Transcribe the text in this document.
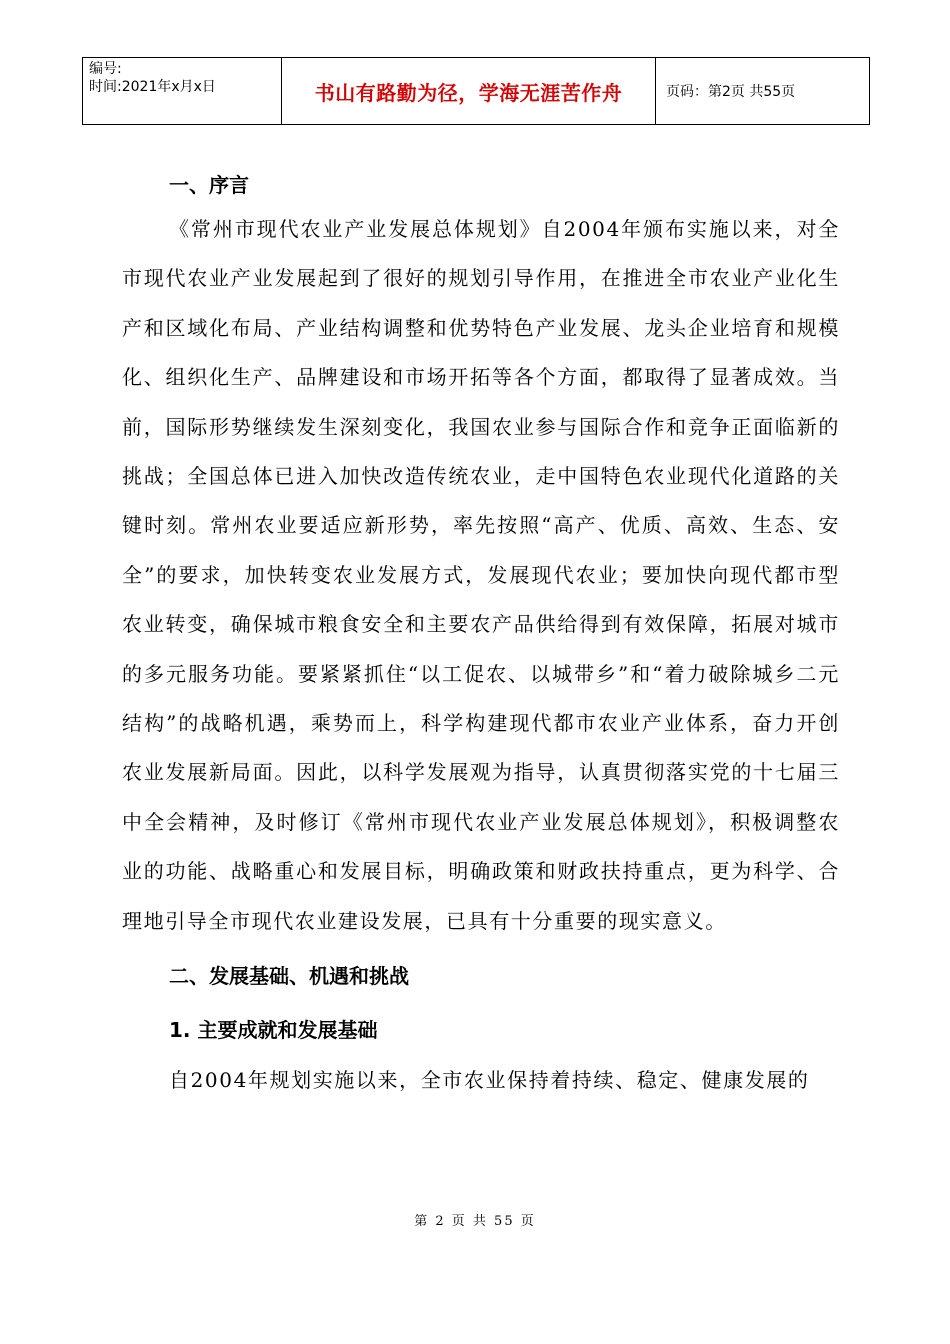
编号:
时间:2021年x月x日	书山有路勤为径，学海无涯苦作舟	页码：第2页 共55页
一、序言

《常州市现代农业产业发展总体规划》自2004年颁布实施以来，对全市现代农业产业发展起到了很好的规划引导作用，在推进全市农业产业化生产和区域化布局、产业结构调整和优势特色产业发展、龙头企业培育和规模化、组织化生产、品牌建设和市场开拓等各个方面，都取得了显著成效。当前，国际形势继续发生深刻变化，我国农业参与国际合作和竞争正面临新的挑战；全国总体已进入加快改造传统农业，走中国特色农业现代化道路的关键时刻。常州农业要适应新形势，率先按照“高产、优质、高效、生态、安全”的要求，加快转变农业发展方式，发展现代农业；要加快向现代都市型农业转变，确保城市粮食安全和主要农产品供给得到有效保障，拓展对城市的多元服务功能。要紧紧抓住“以工促农、以城带乡”和“着力破除城乡二元结构”的战略机遇，乘势而上，科学构建现代都市农业产业体系，奋力开创农业发展新局面。因此，以科学发展观为指导，认真贯彻落实党的十七届三中全会精神，及时修订《常州市现代农业产业发展总体规划》，积极调整农业的功能、战略重心和发展目标，明确政策和财政扶持重点，更为科学、合理地引导全市现代农业建设发展，已具有十分重要的现实意义。

二、发展基础、机遇和挑战
1. 主要成就和发展基础

自2004年规划实施以来，全市农业保持着持续、稳定、健康发展的

第 2 页 共 55 页
